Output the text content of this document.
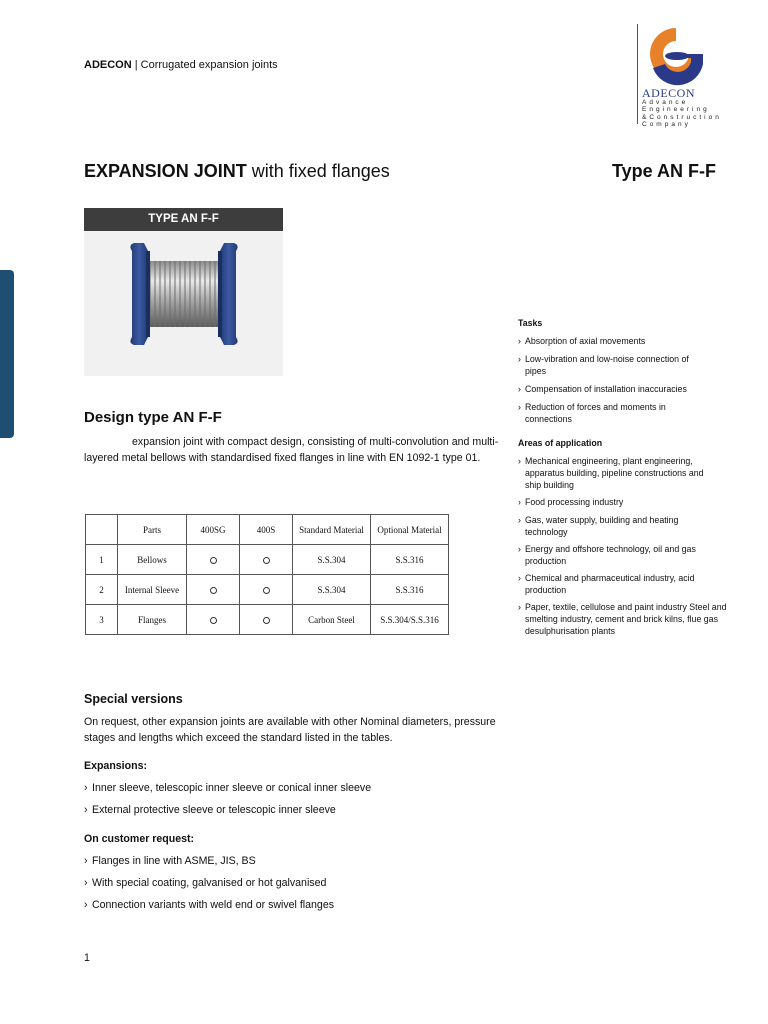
ADECON | Corrugated expansion joints
ADECON
Advance
Engineering
&Construction
Company
EXPANSION JOINT with fixed flanges	Type AN F-F
TYPE AN F-F
Design type AN F-F
expansion joint with compact design, consisting of multi-convolution and multi-layered metal bellows with standardised fixed flanges in line with EN 1092-1 type 01.
	Parts	400SG	400S	Standard Material	Optional Material
1	Bellows			S.S.304	S.S.316
2	Internal Sleeve			S.S.304	S.S.316
3	Flanges			Carbon Steel	S.S.304/S.S.316
Special versions
On request, other expansion joints are available with other Nominal diameters, pressure stages and lengths which exceed the standard listed in the tables.
Expansions:
› Inner sleeve, telescopic inner sleeve or conical inner sleeve
› External protective sleeve or telescopic inner sleeve
On customer request:
› Flanges in line with ASME, JIS, BS
› With special coating, galvanised or hot galvanised
› Connection variants with weld end or swivel flanges
1
Tasks
› Absorption of axial movements
› Low-vibration and low-noise connection of pipes
› Compensation of installation inaccuracies
› Reduction of forces and moments in connections
Areas of application
› Mechanical engineering, plant engineering, apparatus building, pipeline constructions and ship building
› Food processing industry
› Gas, water supply, building and heating technology
› Energy and offshore technology, oil and gas production
› Chemical and pharmaceutical industry, acid production
› Paper, textile, cellulose and paint industry Steel and smelting industry, cement and brick kilns, flue gas desulphurisation plants
